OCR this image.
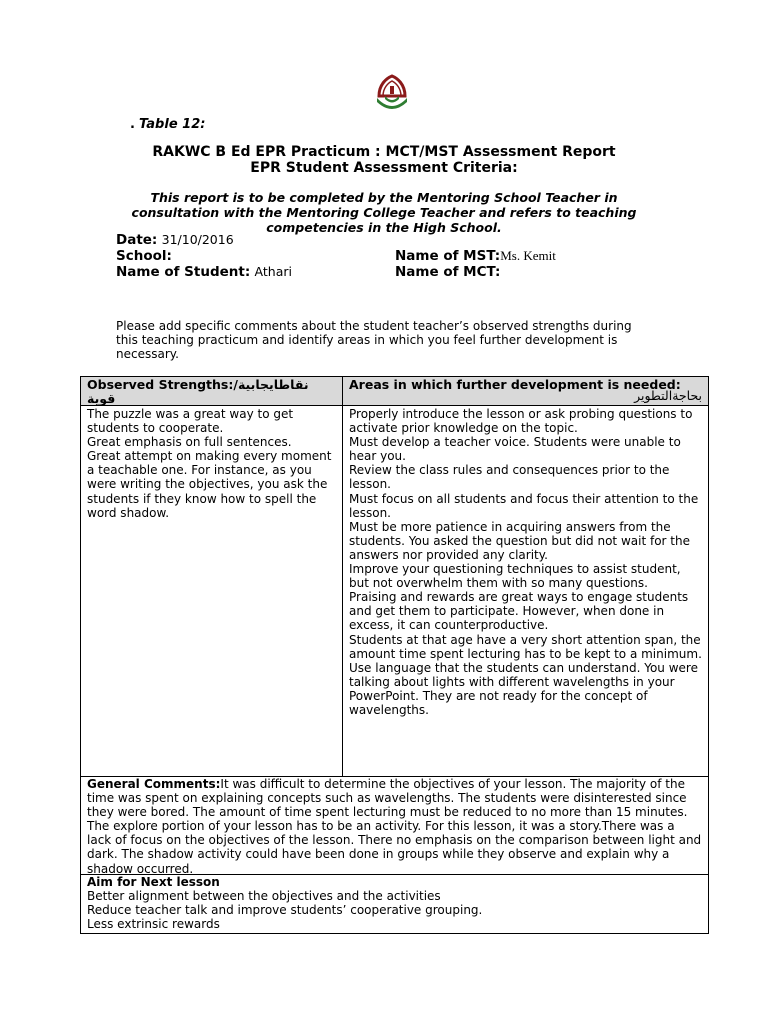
. Table 12:
RAKWC B Ed EPR Practicum : MCT/MST Assessment Report
EPR Student Assessment Criteria:
This report is to be completed by the Mentoring School Teacher in consultation with the Mentoring College Teacher and refers to teaching competencies in the High School.
Date: 31/10/2016
School:	Name of MST:Ms. Kemit
Name of Student: Athari	Name of MCT:
Please add specific comments about the student teacher’s observed strengths during this teaching practicum and identify areas in which you feel further development is necessary.
Observed Strengths:نقاطايجابية/ قوية
Areas in which further development is needed:
بحاجةالتطوير
The puzzle was a great way to get students to cooperate.
Great emphasis on full sentences.
Great attempt on making every moment a teachable one. For instance, as you were writing the objectives, you ask the students if they know how to spell the word shadow.
Properly introduce the lesson or ask probing questions to activate prior knowledge on the topic.
Must develop a teacher voice. Students were unable to hear you.
Review the class rules and consequences prior to the lesson.
Must focus on all students and focus their attention to the lesson.
Must be more patience in acquiring answers from the students. You asked the question but did not wait for the answers nor provided any clarity.
Improve your questioning techniques to assist student, but not overwhelm them with so many questions.
Praising and rewards are great ways to engage students and get them to participate. However, when done in excess, it can counterproductive.
Students at that age have a very short attention span, the amount time spent lecturing has to be kept to a minimum.
Use language that the students can understand. You were talking about lights with different wavelengths in your PowerPoint. They are not ready for the concept of wavelengths.
General Comments:It was difficult to determine the objectives of your lesson. The majority of the time was spent on explaining concepts such as wavelengths. The students were disinterested since they were bored. The amount of time spent lecturing must be reduced to no more than 15 minutes. The explore portion of your lesson has to be an activity. For this lesson, it was a story.There was a lack of focus on the objectives of the lesson. There no emphasis on the comparison between light and dark. The shadow activity could have been done in groups while they observe and explain why a shadow occurred.
Aim for Next lesson
Better alignment between the objectives and the activities
Reduce teacher talk and improve students’ cooperative grouping.
Less extrinsic rewards
